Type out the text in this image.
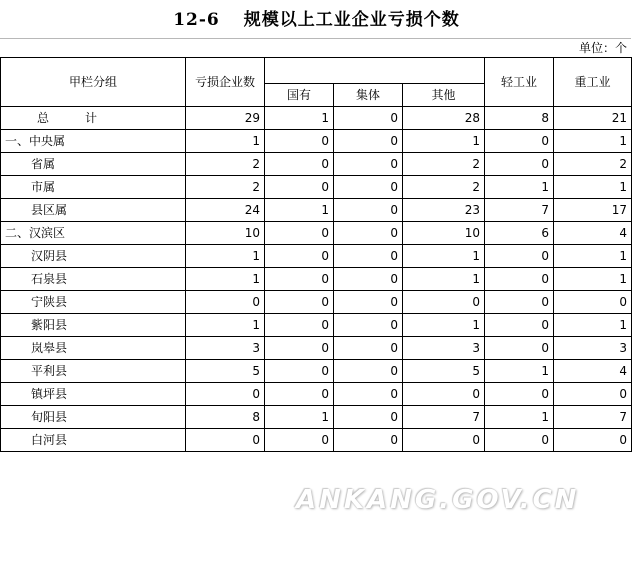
12-6 规模以上工业企业亏损个数
单位：个
甲栏分组	亏损企业数				轻工业	重工业
		国有	集体	其他		
总 计	29	1	0	28	8	21
一、中央属	1	0	0	1	0	1
省属	2	0	0	2	0	2
市属	2	0	0	2	1	1
县区属	24	1	0	23	7	17
二、汉滨区	10	0	0	10	6	4
汉阴县	1	0	0	1	0	1
石泉县	1	0	0	1	0	1
宁陕县	0	0	0	0	0	0
紫阳县	1	0	0	1	0	1
岚皋县	3	0	0	3	0	3
平利县	5	0	0	5	1	4
镇坪县	0	0	0	0	0	0
旬阳县	8	1	0	7	1	7
白河县	0	0	0	0	0	0
ANKANG.GOV.CN
